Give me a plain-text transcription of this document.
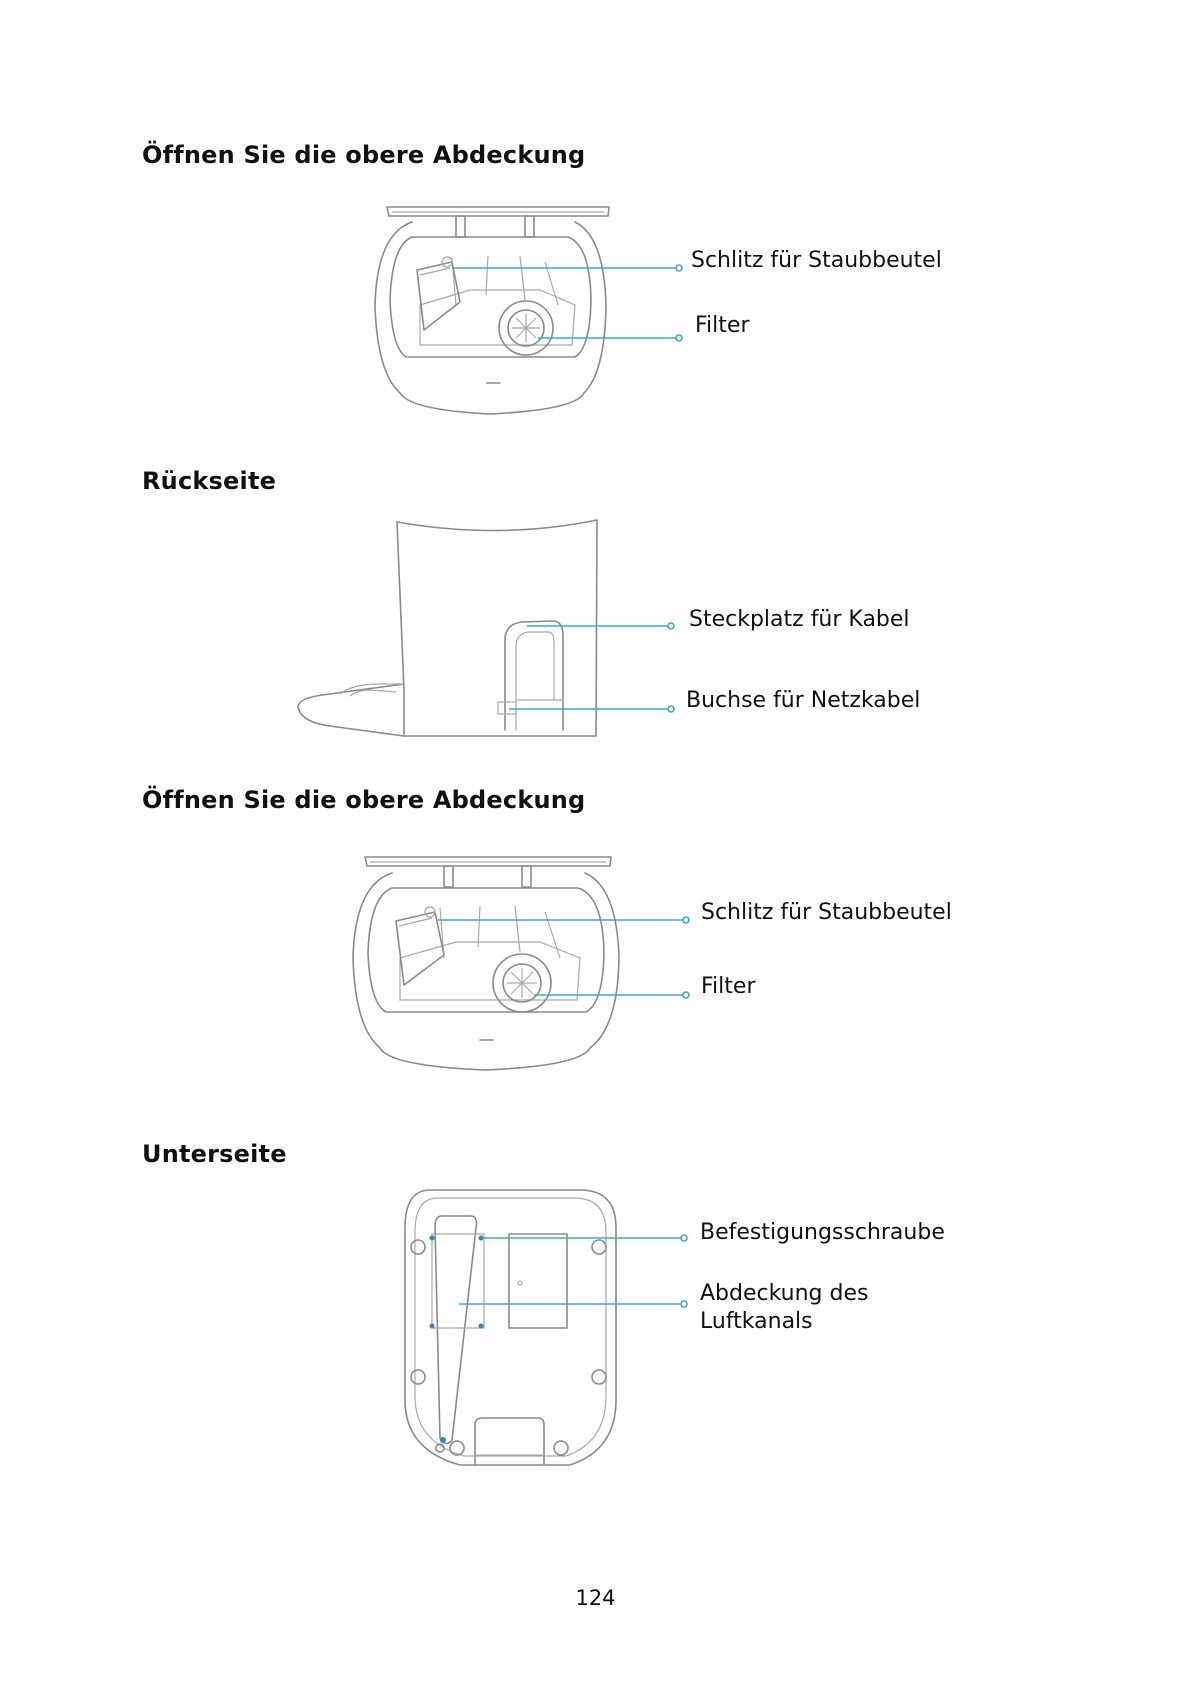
Öffnen Sie die obere Abdeckung
Rückseite
Öffnen Sie die obere Abdeckung
Unterseite
Schlitz für Staubbeutel
Filter
Steckplatz für Kabel
Buchse für Netzkabel
Schlitz für Staubbeutel
Filter
Befestigungsschraube
Abdeckung des
Luftkanals
124
